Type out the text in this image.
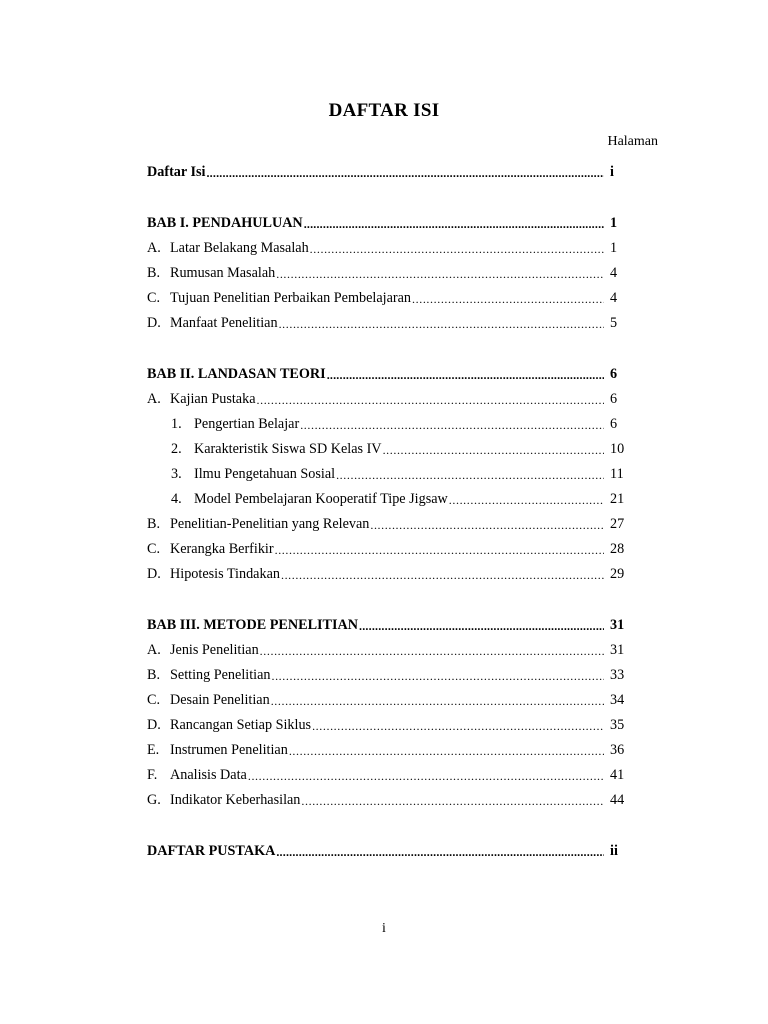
DAFTAR ISI
Halaman
Daftar Isi .....	i
BAB I. PENDAHULUAN .....	1
A. Latar Belakang Masalah .....	1
B. Rumusan Masalah .....	4
C. Tujuan Penelitian Perbaikan Pembelajaran .....	4
D. Manfaat Penelitian .....	5
BAB II. LANDASAN TEORI .....	6
A. Kajian Pustaka .....	6
1. Pengertian Belajar .....	6
2. Karakteristik Siswa SD Kelas IV .....	10
3. Ilmu Pengetahuan Sosial .....	11
4. Model Pembelajaran Kooperatif Tipe Jigsaw .....	21
B. Penelitian-Penelitian yang Relevan .....	27
C. Kerangka Berfikir .....	28
D. Hipotesis Tindakan .....	29
BAB III. METODE PENELITIAN .....	31
A. Jenis Penelitian .....	31
B. Setting Penelitian .....	33
C. Desain Penelitian .....	34
D. Rancangan Setiap Siklus .....	35
E. Instrumen Penelitian .....	36
F. Analisis Data .....	41
G. Indikator Keberhasilan .....	44
DAFTAR PUSTAKA .....	ii
i
